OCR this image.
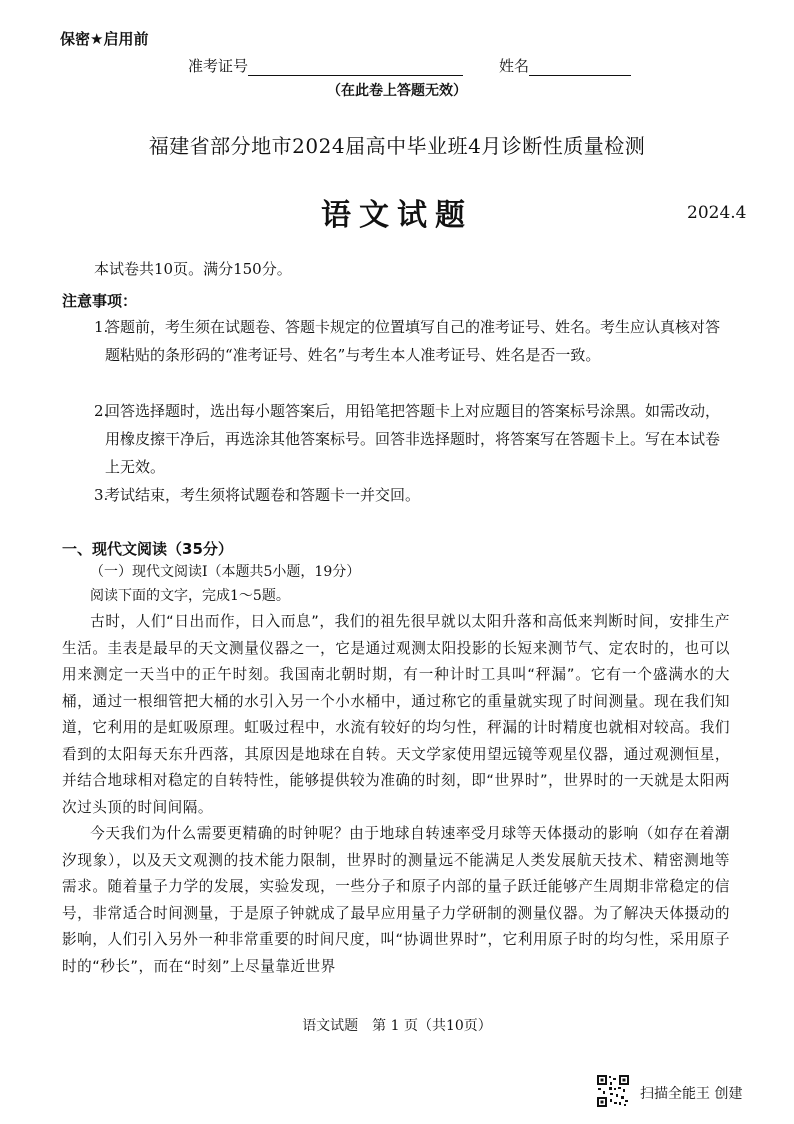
保密★启用前
准考证号	姓名
（在此卷上答题无效）
福建省部分地市2024届高中毕业班4月诊断性质量检测
语文试题	2024.4
本试卷共10页。满分150分。
注意事项：
1.
答题前，考生须在试题卷、答题卡规定的位置填写自己的准考证号、姓名。考生应认真核对答题粘贴的条形码的“准考证号、姓名”与考生本人准考证号、姓名是否一致。
2.
回答选择题时，选出每小题答案后，用铅笔把答题卡上对应题目的答案标号涂黑。如需改动，用橡皮擦干净后，再选涂其他答案标号。回答非选择题时，将答案写在答题卡上。写在本试卷上无效。
3.
考试结束，考生须将试题卷和答题卡一并交回。
一、现代文阅读（35分）
（一）现代文阅读Ⅰ（本题共5小题，19分）
阅读下面的文字，完成1～5题。
古时，人们“日出而作，日入而息”，我们的祖先很早就以太阳升落和高低来判断时间，安排生产生活。圭表是最早的天文测量仪器之一，它是通过观测太阳投影的长短来测节气、定农时的，也可以用来测定一天当中的正午时刻。我国南北朝时期，有一种计时工具叫“秤漏”。它有一个盛满水的大桶，通过一根细管把大桶的水引入另一个小水桶中，通过称它的重量就实现了时间测量。现在我们知道，它利用的是虹吸原理。虹吸过程中，水流有较好的均匀性，秤漏的计时精度也就相对较高。我们看到的太阳每天东升西落，其原因是地球在自转。天文学家使用望远镜等观星仪器，通过观测恒星，并结合地球相对稳定的自转特性，能够提供较为准确的时刻，即“世界时”，世界时的一天就是太阳两次过头顶的时间间隔。
今天我们为什么需要更精确的时钟呢？由于地球自转速率受月球等天体摄动的影响（如存在着潮汐现象），以及天文观测的技术能力限制，世界时的测量远不能满足人类发展航天技术、精密测地等需求。随着量子力学的发展，实验发现，一些分子和原子内部的量子跃迁能够产生周期非常稳定的信号，非常适合时间测量，于是原子钟就成了最早应用量子力学研制的测量仪器。为了解决天体摄动的影响，人们引入另外一种非常重要的时间尺度，叫“协调世界时”，它利用原子时的均匀性，采用原子时的“秒长”，而在“时刻”上尽量靠近世界
语文试题　第 1 页（共10页）
扫描全能王 创建
